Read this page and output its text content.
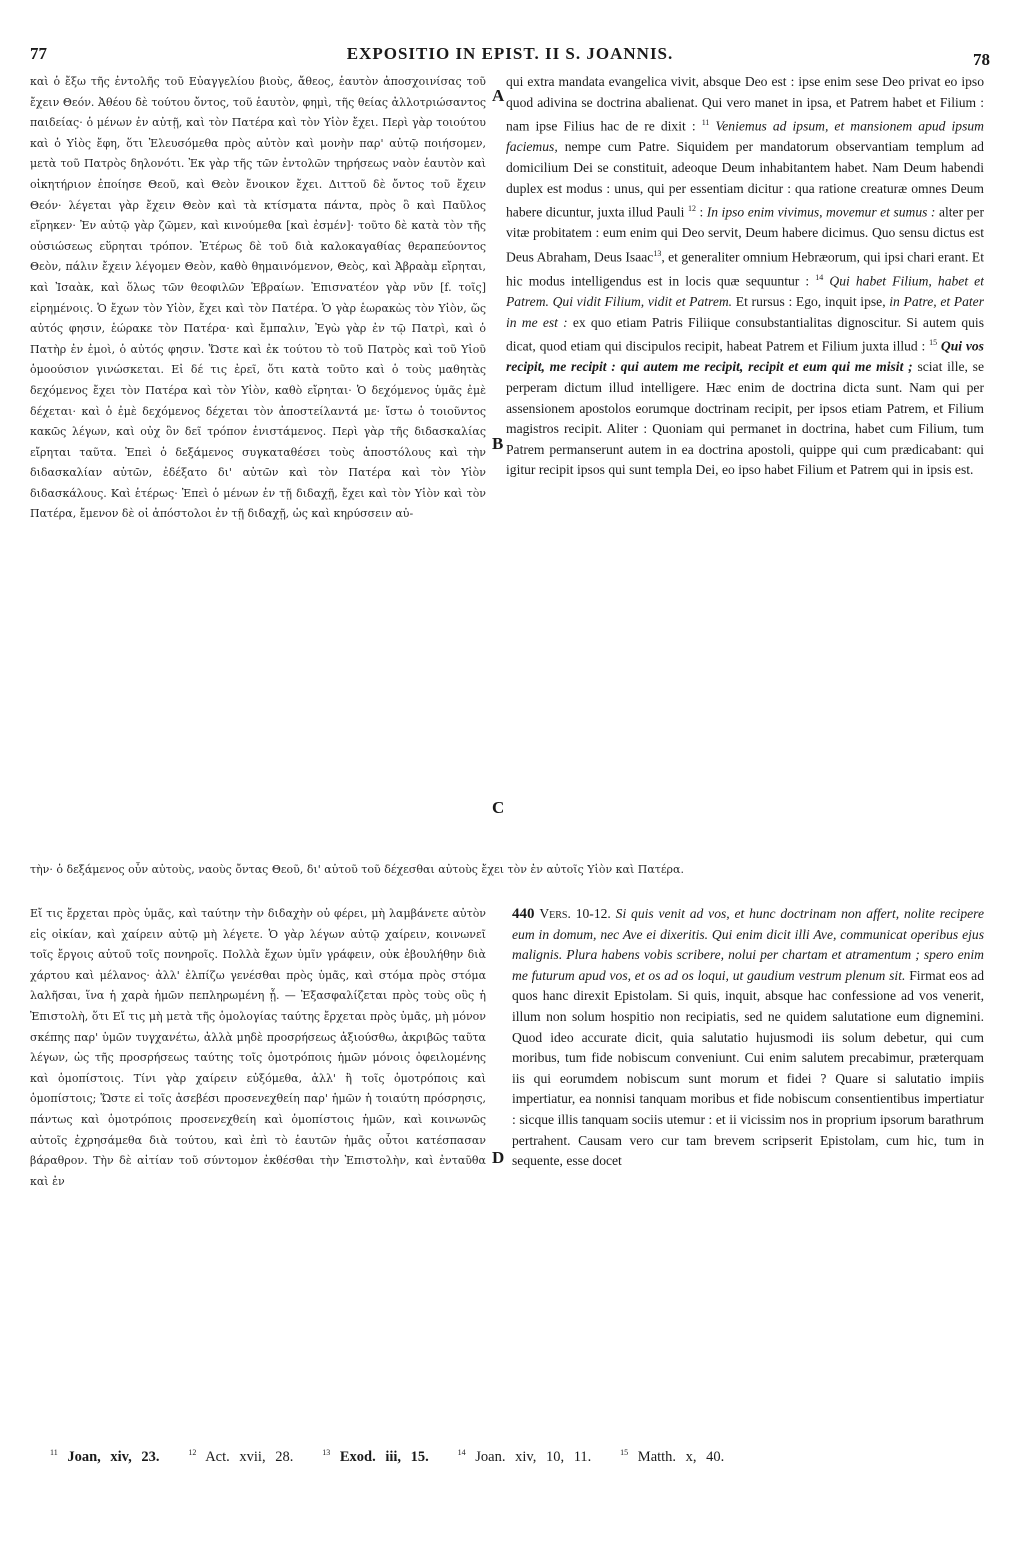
77	EXPOSITIO IN EPIST. II S. JOANNIS.	78

καὶ ὁ ἔξω τῆς ἐντολῆς τοῦ Εὐαγγελίου βιοὺς, ἄθεος, ἑαυτὸν ἀποσχοινίσας τοῦ ἔχειν Θεόν. Ἀθέου δὲ τούτου ὄντος, τοῦ ἑαυτὸν, φημὶ, τῆς θείας ἀλλοτριώσαντος παιδείας· ὁ μένων ἐν αὐτῇ, καὶ τὸν Πατέρα καὶ τὸν Υἱὸν ἔχει. Περὶ γὰρ τοιούτου καὶ ὁ Υἱὸς ἔφη, ὅτι Ἐλευσόμεθα πρὸς αὐτὸν καὶ μονὴν παρ' αὐτῷ ποιήσομεν, μετὰ τοῦ Πατρὸς δηλονότι. Ἐκ γὰρ τῆς τῶν ἐντολῶν τηρήσεως ναὸν ἑαυτὸν καὶ οἰκητήριον ἐποίησε Θεοῦ, καὶ Θεὸν ἔνοικον ἔχει. Διττοῦ δὲ ὄντος τοῦ ἔχειν Θεόν· λέγεται γὰρ ἔχειν Θεὸν καὶ τὰ κτίσματα πάντα, πρὸς ὃ καὶ Παῦλος εἴρηκεν· Ἐν αὐτῷ γὰρ ζῶμεν, καὶ κινούμεθα [καὶ ἐσμέν]· τοῦτο δὲ κατὰ τὸν τῆς οὐσιώσεως εὕρηται τρόπον. Ἑτέρως δὲ τοῦ διὰ καλοκαγαθίας θεραπεύοντος Θεὸν, πάλιν ἔχειν λέγομεν Θεὸν, καθὸ θημαινόμενον, Θεὸς, καὶ Ἀβραὰμ εἴρηται, καὶ Ἰσαὰκ, καὶ ὅλως τῶν θεοφιλῶν Ἑβραίων. Ἐπισνατέον γὰρ νῦν [f. τοῖς] εἰρημένοις. Ὁ ἔχων τὸν Υἱὸν, ἔχει καὶ τὸν Πατέρα. Ὁ γὰρ ἑωρακὼς τὸν Υἱὸν, ὥς αὐτός φησιν, ἑώρακε τὸν Πατέρα· καὶ ἔμπαλιν, Ἐγὼ γὰρ ἐν τῷ Πατρὶ, καὶ ὁ Πατὴρ ἐν ἐμοὶ, ὁ αὐτός φησιν. Ὥστε καὶ ἐκ τούτου τὸ τοῦ Πατρὸς καὶ τοῦ Υἱοῦ ὁμοούσιον γινώσκεται. Εἰ δέ τις ἐρεῖ, ὅτι κατὰ τοῦτο καὶ ὁ τοὺς μαθητὰς δεχόμενος ἔχει τὸν Πατέρα καὶ τὸν Υἱὸν, καθὸ εἴρηται· Ὁ δεχόμενος ὑμᾶς ἐμὲ δέχεται· καὶ ὁ ἐμὲ δεχόμενος δέχεται τὸν ἀποστείλαντά με· ἴστω ὁ τοιοῦντος κακῶς λέγων, καὶ οὐχ ὃν δεῖ τρόπον ἐνιστάμενος. Περὶ γὰρ τῆς διδασκαλίας εἴρηται ταῦτα. Ἐπεὶ ὁ δεξάμενος συγκαταθέσει τοὺς ἀποστόλους καὶ τὴν διδασκαλίαν αὐτῶν, ἐδέξατο δι' αὐτῶν καὶ τὸν Πατέρα καὶ τὸν Υἱὸν διδασκάλους. Καὶ ἑτέρως· Ἐπεὶ ὁ μένων ἐν τῇ διδαχῇ, ἔχει καὶ τὸν Υἱὸν καὶ τὸν Πατέρα, ἔμενον δὲ οἱ ἀπόστολοι ἐν τῇ διδαχῇ, ὡς καὶ κηρύσσειν αὐ-

qui extra mandata evangelica vivit, absque Deo est : ipse enim sese Deo privat eo ipso quod adivina se doctrina abalienat. Qui vero manet in ipsa, et Patrem habet et Filium : nam ipse Filius hac de re dixit : $^{11}$ Veniemus ad ipsum, et mansionem apud ipsum faciemus, nempe cum Patre. Siquidem per mandatorum observantiam templum ad domicilium Dei se constituit, adeoque Deum inhabitantem habet. Nam Deum habendi duplex est modus : unus, qui per essentiam dicitur : qua ratione creaturæ omnes Deum habere dicuntur, juxta illud Pauli $^{12}$ : In ipso enim vivimus, movemur et sumus : alter per vitæ probitatem : eum enim qui Deo servit, Deum habere dicimus. Quo sensu dictus est Deus Abraham, Deus Isaac$^{13}$, et generaliter omnium Hebræorum, qui ipsi chari erant. Et hic modus intelligendus est in locis quæ sequuntur : $^{14}$ Qui habet Filium, habet et Patrem. Qui vidit Filium, vidit et Patrem. Et rursus : Ego, inquit ipse, in Patre, et Pater in me est : ex quo etiam Patris Filiique consubstantialitas dignoscitur. Si autem quis dicat, quod etiam qui discipulos recipit, habeat Patrem et Filium juxta illud : $^{15}$ Qui vos recipit, me recipit : qui autem me recipit, recipit et eum qui me misit ; sciat ille, se perperam dictum illud intelligere. Hæc enim de doctrina dicta sunt. Nam qui per assensionem apostolos eorumque doctrinam recipit, per ipsos etiam Patrem, et Filium magistros recipit. Aliter : Quoniam qui permanet in doctrina, habet cum Filium, tum Patrem permanserunt autem in ea doctrina apostoli, quippe qui cum prædicabant: qui igitur recipit ipsos qui sunt templa Dei, eo ipso habet Filium et Patrem qui in ipsis est.

A
B
C
D
τὴν· ὁ δεξάμενος οὖν αὐτοὺς, ναοὺς ὄντας Θεοῦ, δι' αὐτοῦ τοῦ δέχεσθαι αὐτοὺς ἔχει τὸν ἐν αὐτοῖς Υἱὸν καὶ Πατέρα.

Εἴ τις ἔρχεται πρὸς ὑμᾶς, καὶ ταύτην τὴν διδαχὴν οὐ φέρει, μὴ λαμβάνετε αὐτὸν εἰς οἰκίαν, καὶ χαίρειν αὐτῷ μὴ λέγετε. Ὁ γὰρ λέγων αὐτῷ χαίρειν, κοινωνεῖ τοῖς ἔργοις αὐτοῦ τοῖς πονηροῖς. Πολλὰ ἔχων ὑμῖν γράφειν, οὐκ ἐβουλήθην διὰ χάρτου καὶ μέλανος· ἀλλ' ἐλπίζω γενέσθαι πρὸς ὑμᾶς, καὶ στόμα πρὸς στόμα λαλῆσαι, ἵνα ἡ χαρὰ ἡμῶν πεπληρωμένη ᾖ. — Ἐξασφαλίζεται πρὸς τοὺς οὓς ἡ Ἐπιστολὴ, ὅτι Εἴ τις μὴ μετὰ τῆς ὁμολογίας ταύτης ἔρχεται πρὸς ὑμᾶς, μὴ μόνον σκέπης παρ' ὑμῶν τυγχανέτω, ἀλλὰ μηδὲ προσρήσεως ἀξιούσθω, ἀκριβῶς ταῦτα λέγων, ὡς τῆς προσρήσεως ταύτης τοῖς ὁμοτρόποις ἡμῶν μόνοις ὀφειλομένης καὶ ὁμοπίστοις. Τίνι γὰρ χαίρειν εὐξόμεθα, ἀλλ' ἢ τοῖς ὁμοτρόποις καὶ ὁμοπίστοις; Ὥστε εἰ τοῖς ἀσεβέσι προσενεχθείη παρ' ἡμῶν ἡ τοιαύτη πρόσρησις, πάντως καὶ ὁμοτρόποις προσενεχθείη καὶ ὁμοπίστοις ἡμῶν, καὶ κοινωνῶς αὐτοῖς ἐχρησάμεθα διὰ τούτου, καὶ ἐπὶ τὸ ἑαυτῶν ἡμᾶς οὗτοι κατέσπασαν βάραθρον. Τὴν δὲ αἰτίαν τοῦ σύντομον ἐκθέσθαι τὴν Ἐπιστολὴν, καὶ ἐνταῦθα καὶ ἐν

440 Vers. 10-12. Si quis venit ad vos, et hunc doctrinam non affert, nolite recipere eum in domum, nec Ave ei dixeritis. Qui enim dicit illi Ave, communicat operibus ejus malignis. Plura habens vobis scribere, nolui per chartam et atramentum ; spero enim me futurum apud vos, et os ad os loqui, ut gaudium vestrum plenum sit. Firmat eos ad quos hanc direxit Epistolam. Si quis, inquit, absque hac confessione ad vos venerit, illum non solum hospitio non recipiatis, sed ne quidem salutatione eum dignemini. Quod ideo accurate dicit, quia salutatio hujusmodi iis solum debetur, qui cum moribus, tum fide nobiscum conveniunt. Cui enim salutem precabimur, præterquam iis qui eorumdem nobiscum sunt morum et fidei ? Quare si salutatio impiis impertiatur, ea nonnisi tanquam moribus et fide nobiscum consentientibus impertiatur : sicque illis tanquam sociis utemur : et ii vicissim nos in proprium ipsorum barathrum pertrahent. Causam vero cur tam brevem scripserit Epistolam, cum hic, tum in sequente, esse docet

$^{11}$ Joan, xiv, 23.	$^{12}$ Act. xvii, 28.	$^{13}$ Exod. iii, 15.	$^{14}$ Joan. xiv, 10, 11.	$^{15}$ Matth. x, 40.
